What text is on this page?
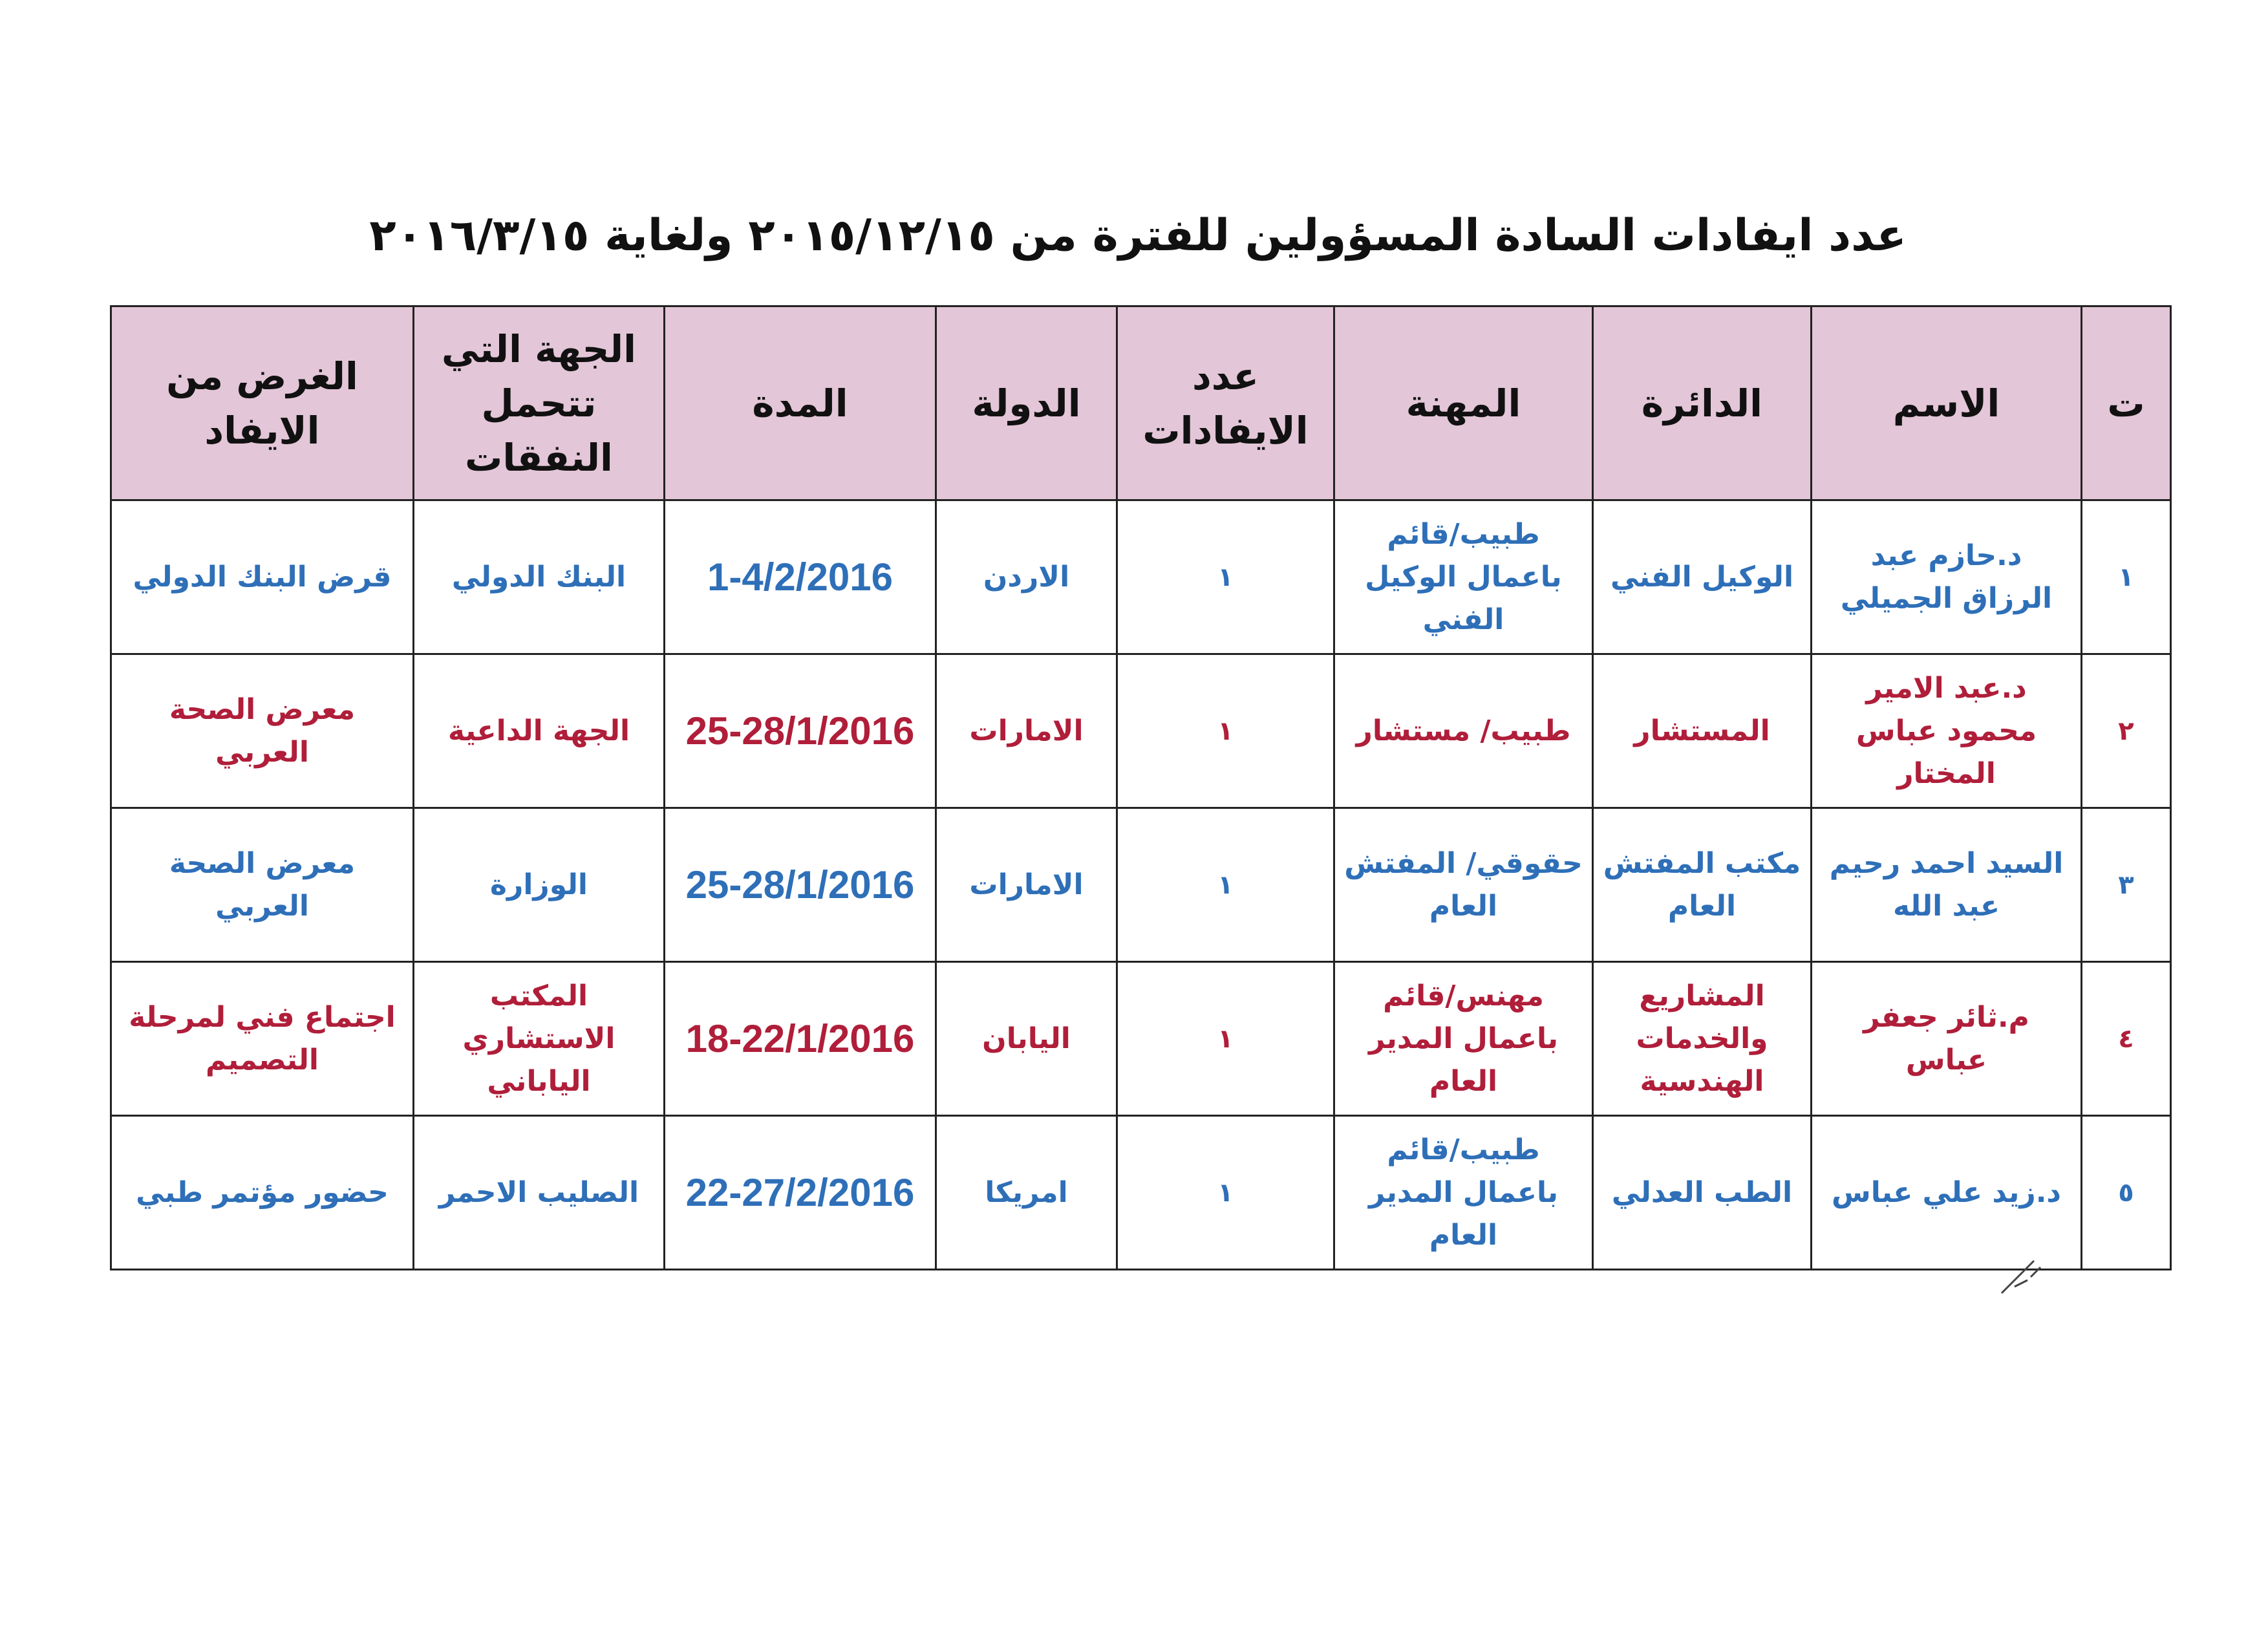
عدد ايفادات السادة المسؤولين للفترة من ٢٠١٥/١٢/١٥ ولغاية ٢٠١٦/٣/١٥
ت	الاسم	الدائرة	المهنة	عدد الايفادات	الدولة	المدة	الجهة التي تتحمل النفقات	الغرض من الايفاد
١	د.حازم عبد الرزاق الجميلي	الوكيل الفني	طبيب/قائم باعمال الوكيل الفني	١	الاردن	1-4/2/2016	البنك الدولي	قرض البنك الدولي
٢	د.عبد الامير محمود عباس المختار	المستشار	طبيب/ مستشار	١	الامارات	25-28/1/2016	الجهة الداعية	معرض الصحة العربي
٣	السيد احمد رحيم عبد الله	مكتب المفتش العام	حقوقي/ المفتش العام	١	الامارات	25-28/1/2016	الوزارة	معرض الصحة العربي
٤	م.ثائر جعفر عباس	المشاريع والخدمات الهندسية	مهنس/قائم باعمال المدير العام	١	اليابان	18-22/1/2016	المكتب الاستشاري الياباني	اجتماع فني لمرحلة التصميم
٥	د.زيد علي عباس	الطب العدلي	طبيب/قائم باعمال المدير العام	١	امريكا	22-27/2/2016	الصليب الاحمر	حضور مؤتمر طبي
